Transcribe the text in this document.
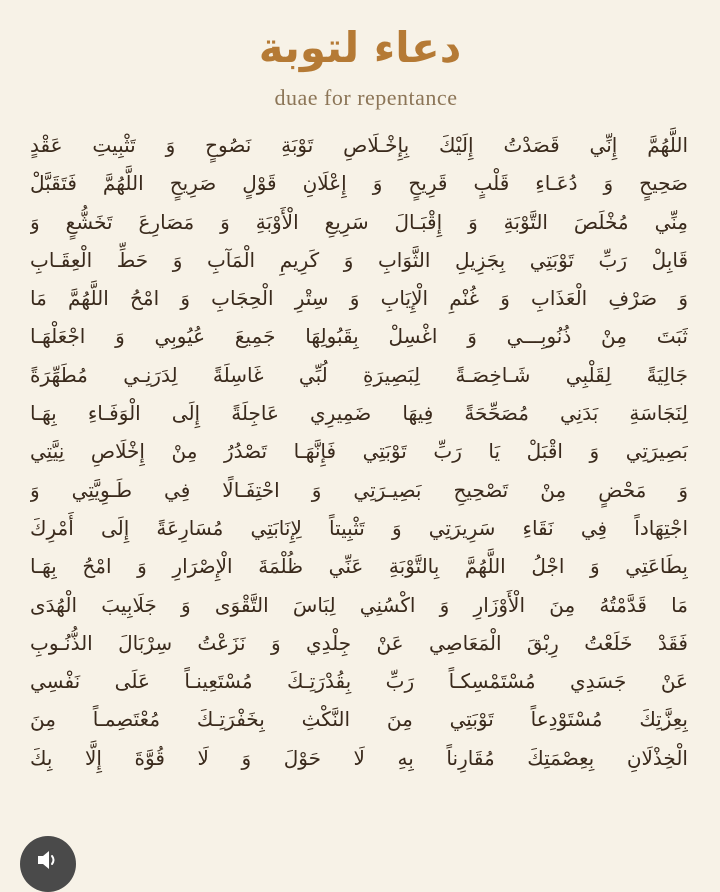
دعاء لتوبة
duae for repentance
اللَّهُمَّ إِنِّي قَصَدْتُ إِلَيْكَ بِإِخْـلَاصِ تَوْبَةِ نَصُوحٍ وَ تَثْبِيتِ عَقْدٍ
صَحِيحٍ وَ دُعَـاءِ قَلْبٍ قَرِيحٍ وَ إِعْلَانِ قَوْلٍ صَرِيحٍ اللَّهُمَّ فَتَقَبَّلْ
مِنِّي مُخْلَصَ التَّوْبَةِ وَ إِقْبَـالَ سَرِيعِ الْأَوْبَةِ وَ مَصَارِعَ تَخَشُّعٍ وَ
قَابِلْ رَبِّ تَوْبَتِي بِجَزِيلِ الثَّوَابِ وَ كَرِيمِ الْمَآبِ وَ حَطِّ الْعِقَـابِ
وَ صَرْفِ الْعَذَابِ وَ غُنْمِ الْإِيَابِ وَ سِتْرِ الْحِجَابِ وَ امْحُ اللَّهُمَّ مَا
ثَبَتَ مِنْ ذُنُوبِـــي وَ اغْسِلْ بِقَبُولِهَا جَمِيعَ عُيُوبِي وَ اجْعَلْهَـا
جَالِيَةً لِقَلْبِي شَـاخِصَـةً لِبَصِيرَةِ لُبِّي غَاسِلَةً لِدَرَنِـي مُطَهِّرَةً
لِنَجَاسَةِ بَدَنِي مُصَحِّحَةً فِيهَا ضَمِيرِي عَاجِلَةً إِلَى الْوَفَـاءِ بِهَـا
بَصِيرَتِي وَ اقْبَلْ يَا رَبِّ تَوْبَتِي فَإِنَّهَـا تَصْدُرُ مِنْ إِخْلَاصِ نِيَّتِي
وَ مَحْضٍ مِنْ تَصْحِيحِ بَصِيـرَتِي وَ احْتِفَـالًا فِي طَـوِيَّتِي وَ
اجْتِهَاداً فِي نَقَاءِ سَرِيرَتِي وَ تَثْبِيتاً لِإِنَابَتِي مُسَارِعَةً إِلَى أَمْرِكَ
بِطَاعَتِي وَ اجْلُ اللَّهُمَّ بِالتَّوْبَةِ عَنِّي ظُلْمَةَ الْإِصْرَارِ وَ امْحُ بِهَـا
مَا قَدَّمْتُهُ مِنَ الْأَوْزَارِ وَ اكْسُنِي لِبَاسَ التَّقْوَى وَ جَلَابِيبَ الْهُدَى
فَقَدْ خَلَعْتُ رِبْقَ الْمَعَاصِي عَنْ جِلْدِي وَ نَزَعْتُ سِرْبَالَ الذُّنُـوبِ
عَنْ جَسَدِي مُسْتَمْسِكـاً رَبِّ بِقُدْرَتِـكَ مُسْتَعِينـاً عَلَى نَفْسِي
بِعِزَّتِكَ مُسْتَوْدِعاً تَوْبَتِي مِنَ النَّكْثِ بِخَفْرَتِـكَ مُعْتَصِمـاً مِنَ
الْخِذْلَانِ بِعِصْمَتِكَ مُقَارِناً بِهِ لَا حَوْلَ وَ لَا قُوَّةَ إِلَّا بِكَ
